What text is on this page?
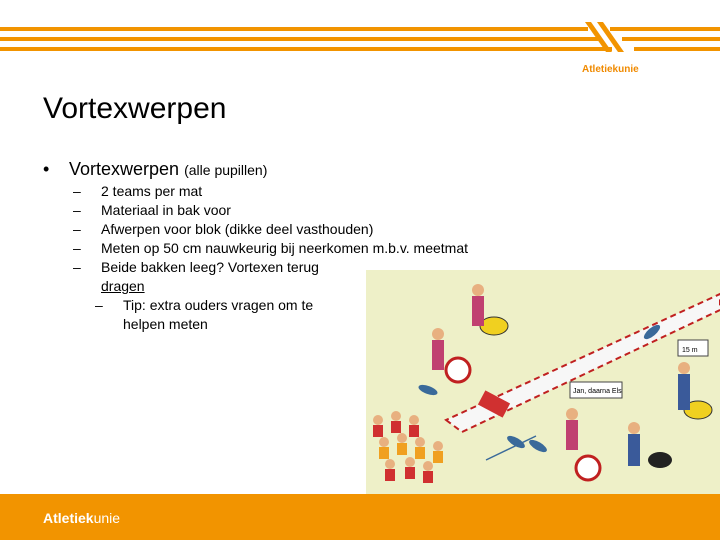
Atletiekunie
Vortexwerpen
•	Vortexwerpen (alle pupillen)
–	2 teams per mat
–	Materiaal in bak voor
–	Afwerpen voor blok (dikke deel vasthouden)
–	Meten op 50 cm nauwkeurig bij neerkomen m.b.v. meetmat
–	Beide bakken leeg? Vortexen terug
dragen
–	Tip: extra ouders vragen om te
helpen meten
15 m
Jan, daarna Els
Atletiekunie
